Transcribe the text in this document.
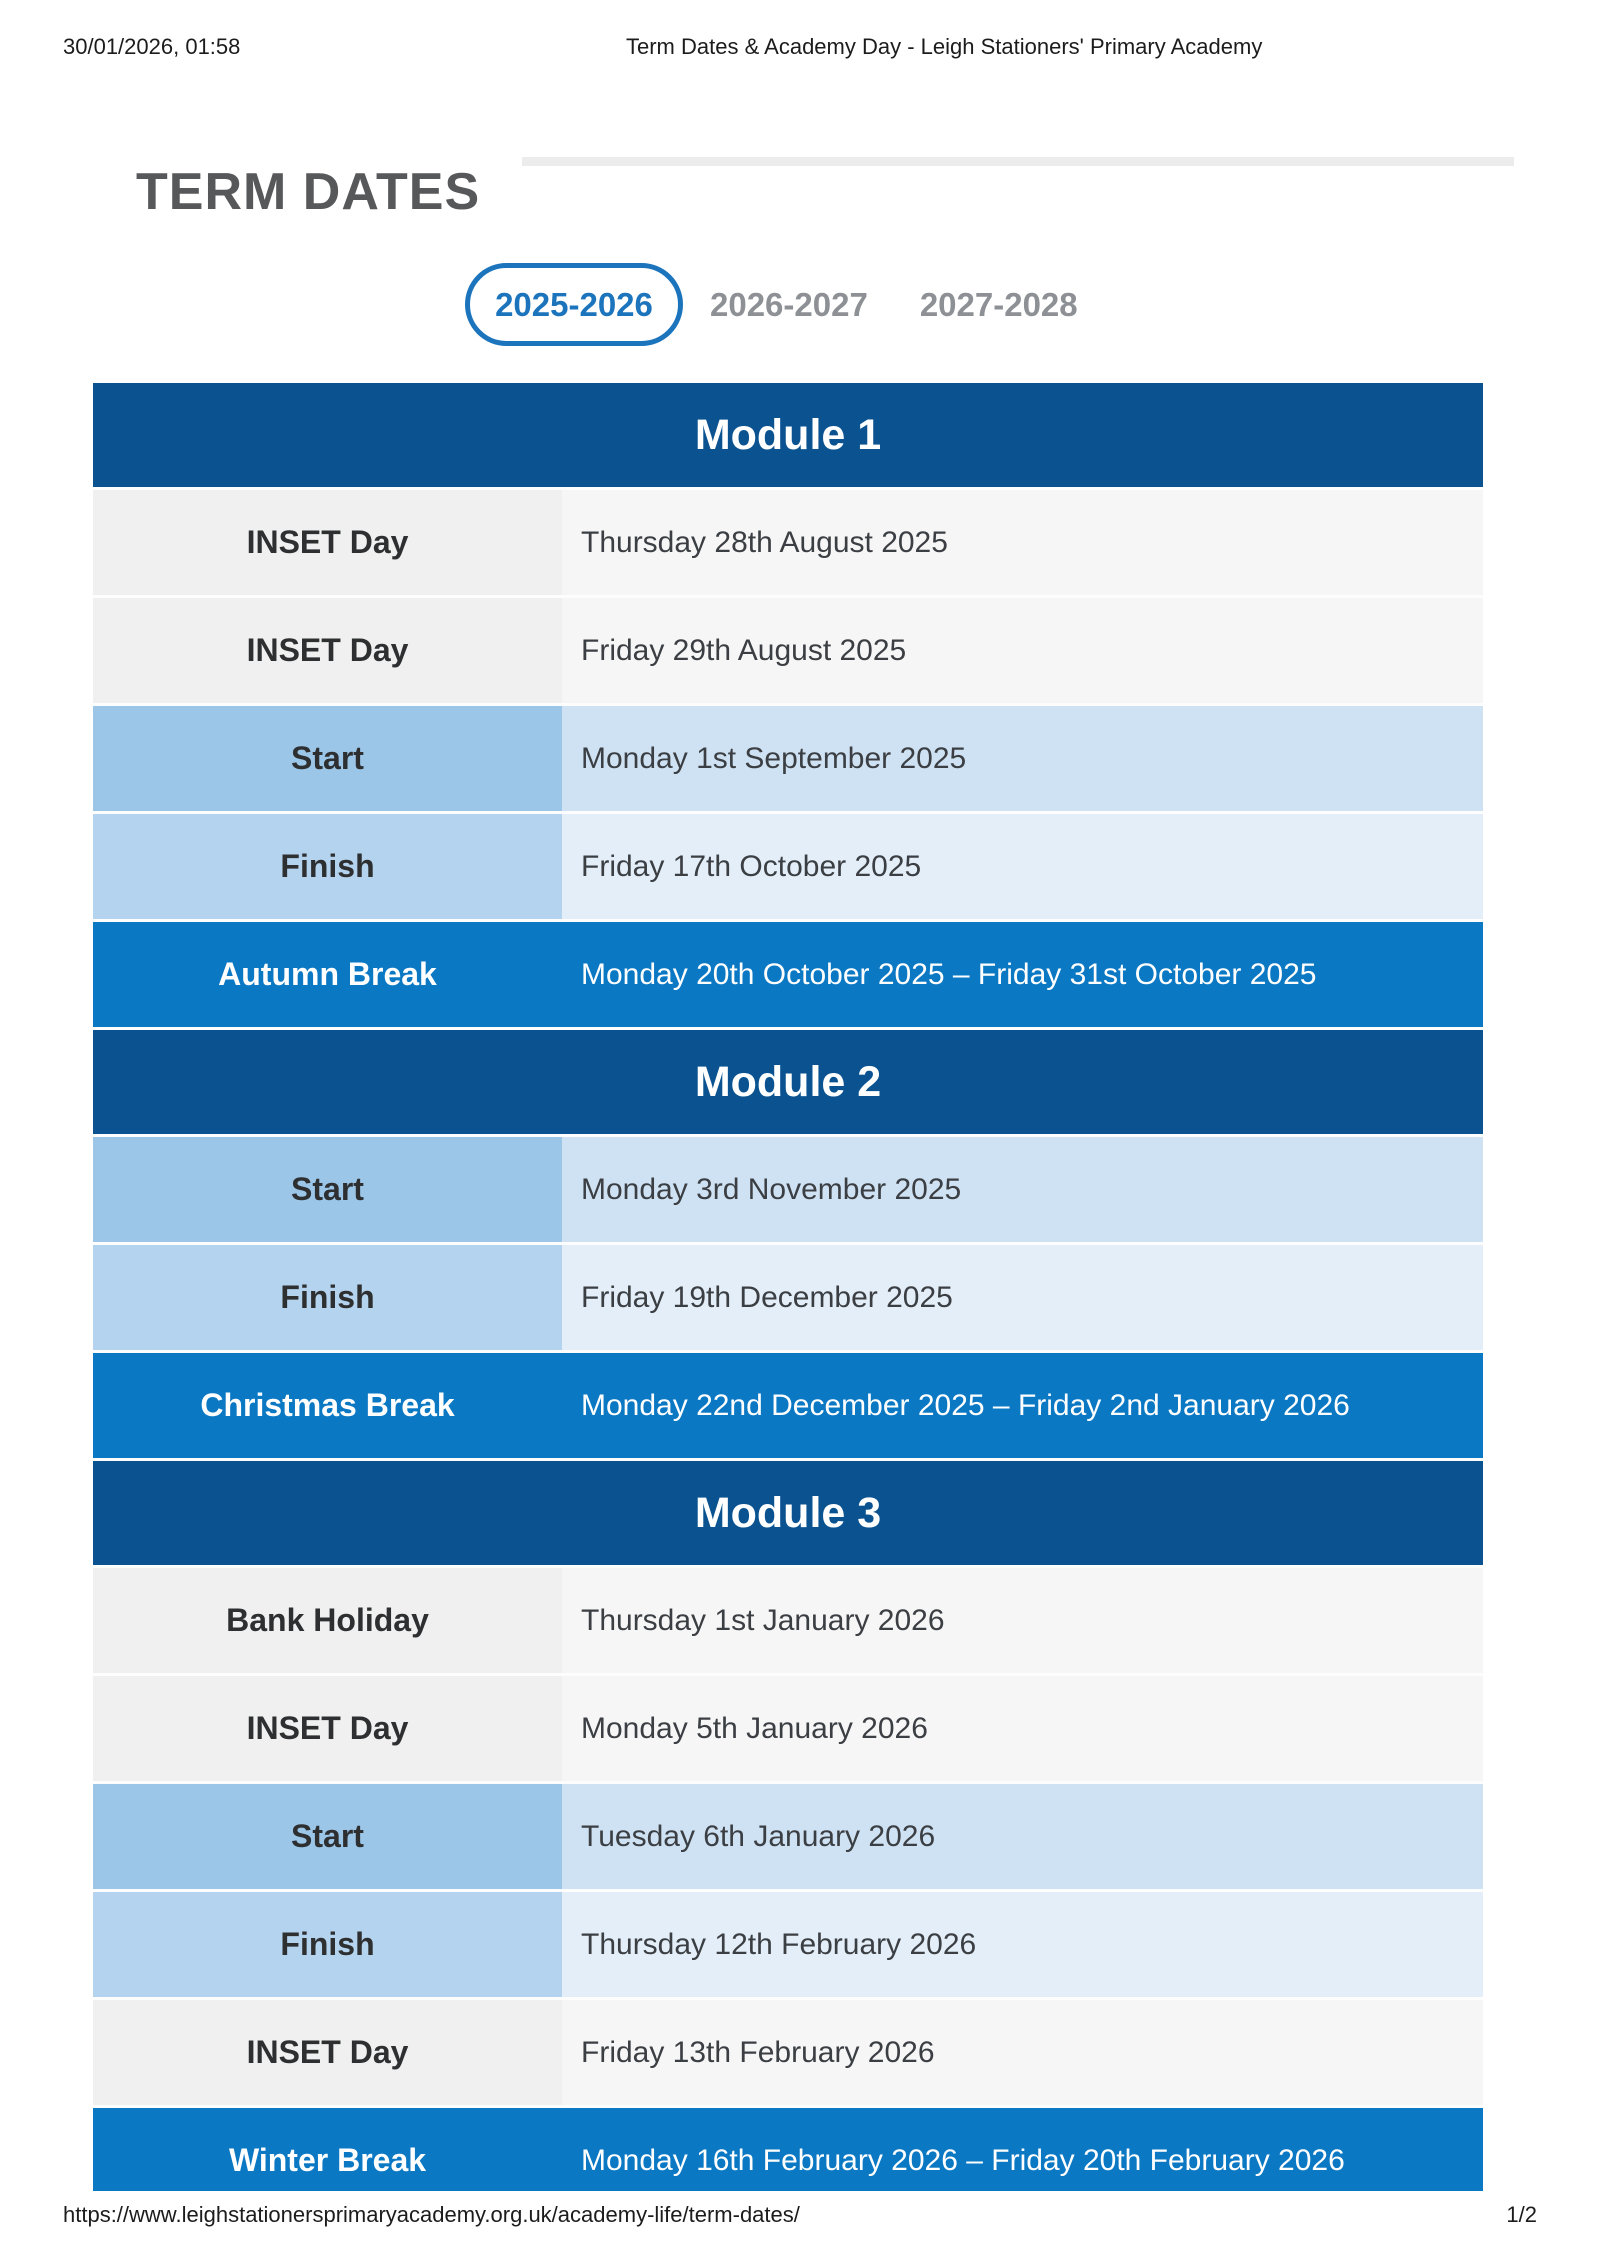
30/01/2026, 01:58	Term Dates & Academy Day - Leigh Stationers' Primary Academy
TERM DATES
2025-2026	2026-2027 2027-2028
Module 1
INSET Day	Thursday 28th August 2025
INSET Day	Friday 29th August 2025
Start	Monday 1st September 2025
Finish	Friday 17th October 2025
Autumn Break	Monday 20th October 2025 – Friday 31st October 2025
Module 2
Start	Monday 3rd November 2025
Finish	Friday 19th December 2025
Christmas Break	Monday 22nd December 2025 – Friday 2nd January 2026
Module 3
Bank Holiday	Thursday 1st January 2026
INSET Day	Monday 5th January 2026
Start	Tuesday 6th January 2026
Finish	Thursday 12th February 2026
INSET Day	Friday 13th February 2026
Winter Break	Monday 16th February 2026 – Friday 20th February 2026
https://www.leighstationersprimaryacademy.org.uk/academy-life/term-dates/	1/2
